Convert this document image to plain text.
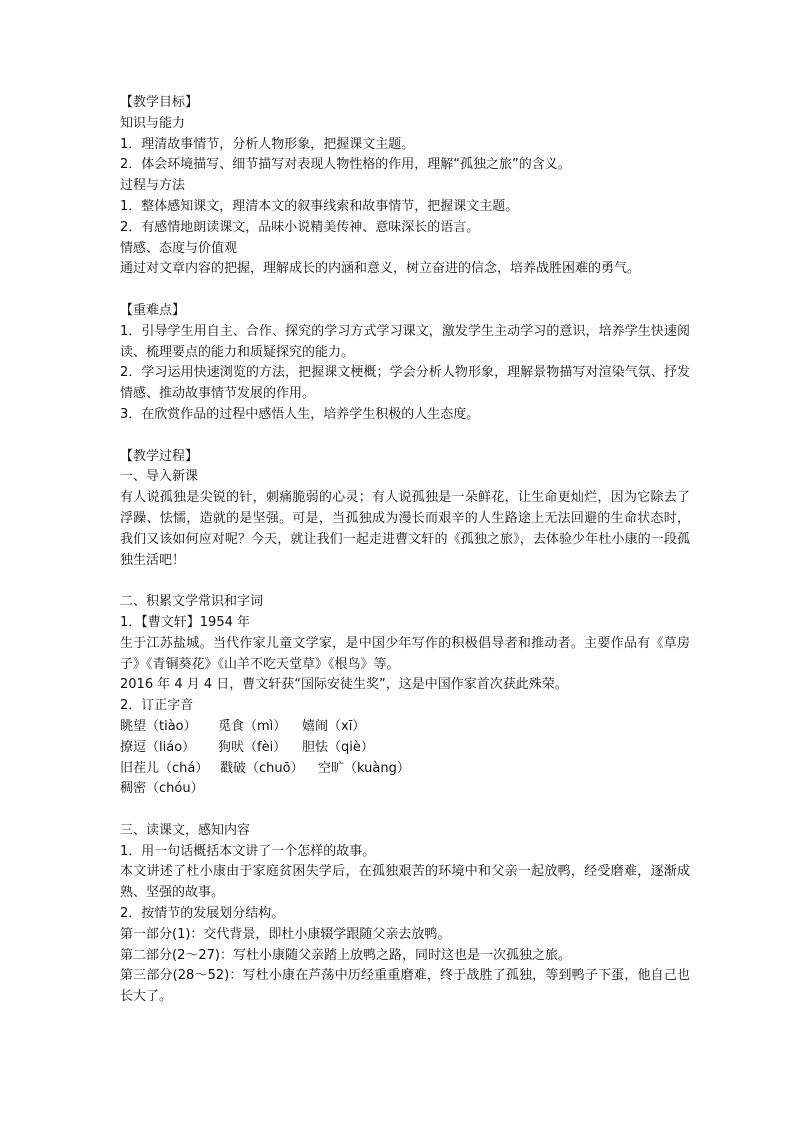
【教学目标】
知识与能力
1．理清故事情节，分析人物形象，把握课文主题。
2．体会环境描写、细节描写对表现人物性格的作用，理解“孤独之旅”的含义。
过程与方法
1．整体感知课文，理清本文的叙事线索和故事情节，把握课文主题。
2．有感情地朗读课文，品味小说精美传神、意味深长的语言。
情感、态度与价值观
通过对文章内容的把握，理解成长的内涵和意义，树立奋进的信念，培养战胜困难的勇气。
【重难点】

1．引导学生用自主、合作、探究的学习方式学习课文，激发学生主动学习的意识，培养学生快速阅读、梳理要点的能力和质疑探究的能力。

2．学习运用快速浏览的方法，把握课文梗概；学会分析人物形象，理解景物描写对渲染气氛、抒发情感、推动故事情节发展的作用。

3．在欣赏作品的过程中感悟人生，培养学生积极的人生态度。

【教学过程】
一、导入新课

有人说孤独是尖锐的针，刺痛脆弱的心灵；有人说孤独是一朵鲜花，让生命更灿烂，因为它除去了浮躁、怯懦，造就的是坚强。可是，当孤独成为漫长而艰辛的人生路途上无法回避的生命状态时，我们又该如何应对呢？今天，就让我们一起走进曹文轩的《孤独之旅》，去体验少年杜小康的一段孤独生活吧！

二、积累文学常识和字词
1．【曹文轩】1954 年

生于江苏盐城。当代作家儿童文学家，是中国少年写作的积极倡导者和推动者。主要作品有《草房子》《青铜葵花》《山羊不吃天堂草》《根鸟》等。

2016 年 4 月 4 日，曹文轩获“国际安徒生奖”，这是中国作家首次获此殊荣。
2．订正字音
眺望（tiào） 觅食（mì） 嬉闹（xī）
撩逗（liáo） 狗吠（fèi） 胆怯（qiè）
旧茬儿（chá） 戳破（chuō） 空旷（kuàng）
稠密（chóu）
三、读课文，感知内容
1．用一句话概括本文讲了一个怎样的故事。

本文讲述了杜小康由于家庭贫困失学后，在孤独艰苦的环境中和父亲一起放鸭，经受磨难，逐渐成熟、坚强的故事。

2．按情节的发展划分结构。
第一部分(1)：交代背景，即杜小康辍学跟随父亲去放鸭。
第二部分(2～27)：写杜小康随父亲踏上放鸭之路，同时这也是一次孤独之旅。

第三部分(28～52)：写杜小康在芦荡中历经重重磨难，终于战胜了孤独，等到鸭子下蛋，他自己也长大了。
